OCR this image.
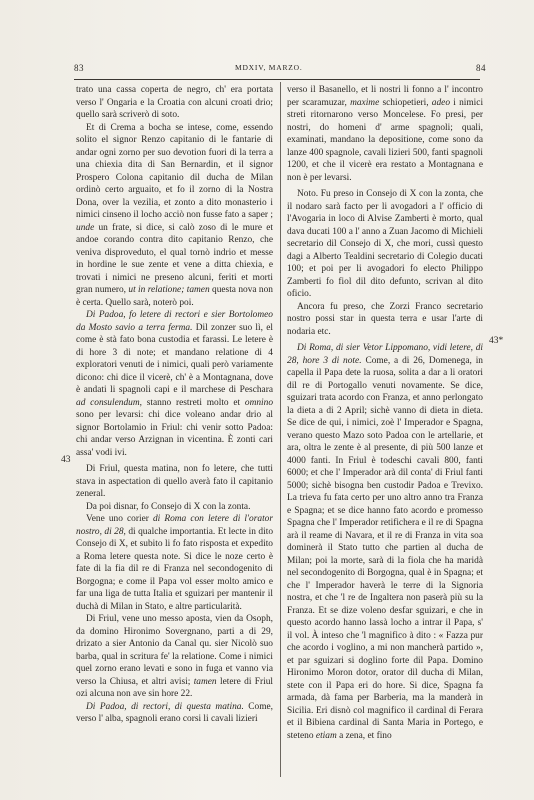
83	MDXIV, MARZO.	84
43
43*

trato una cassa coperta de negro, ch' era portata verso l' Ongaria e la Croatia con alcuni croati drio; quello sarà scriverò di soto.

Et di Crema a bocha se intese, come, essendo solito el signor Renzo capitanio di le fantarie di andar ogni zorno per suo devotion fuori di la terra a una chiexia dita di San Bernardin, et il signor Prospero Colona capitanio dil ducha de Milan ordinò certo arguaito, et fo il zorno di la Nostra Dona, over la vezilia, et zonto a dito monasterio i nimici cinseno il locho acciò non fusse fato a saper ; unde un frate, si dice, si calò zoso di le mure et andoe corando contra dito capitanio Renzo, che veniva disproveduto, el qual tornò indrio et messe in hordine le sue zente et vene a ditta chiexia, e trovati i nimici ne preseno alcuni, feriti et morti gran numero, ut in relatione; tamen questa nova non è certa. Quello sarà, noterò poi.

Di Padoa, fo letere di rectori e sier Bortolomeo da Mosto savio a terra ferma. Dil zonzer suo lì, el come è stà fato bona custodia et farassi. Le letere è di hore 3 di note; et mandano relatione di 4 exploratori venuti de i nimici, quali però variamente dicono: chi dice il vicerè, ch' è a Montagnana, dove è andati li spagnoli capi e il marchese di Peschara ad consulendum, stanno restreti molto et omnino sono per levarsi: chi dice voleano andar drio al signor Bortolamio in Friul: chi venir sotto Padoa: chi andar verso Arzignan in vicentina. È zonti cari assa' vodi ivi.

Di Friul, questa matina, non fo letere, che tutti stava in aspectation di quello averà fato il capitanio zeneral.

Da poi disnar, fo Consejo di X con la zonta.

Vene uno corier di Roma con letere di l'orator nostro, di 28, di qualche importantia. Et lecte in dito Consejo di X, et subito li fo fato risposta et expedito a Roma letere questa note. Si dice le noze certo è fate di la fia dil re di Franza nel secondogenito di Borgogna; e come il Papa vol esser molto amico e far una liga de tutta Italia et sguizari per mantenir il duchà di Milan in Stato, e altre particularità.

Di Friul, vene uno messo aposta, vien da Osoph, da domino Hironimo Sovergnano, parti a di 29, drizato a sier Antonio da Canal qu. sier Nicolò suo barba, qual in scritura fe' la relatione. Come i nimici quel zorno erano levati e sono in fuga et vanno via verso la Chiusa, et altri avisi; tamen letere di Friul ozi alcuna non ave sin hore 22.

Di Padoa, di rectori, di questa matina. Come, verso l' alba, spagnoli erano corsi li cavali lizieri

verso il Basanello, et li nostri li fonno a l' incontro per scaramuzar, maxime schiopetieri, adeo i nimici streti ritornarono verso Moncelese. Fo presi, per nostri, do homeni d' arme spagnoli; quali, examinati, mandano la depositione, come sono da lanze 400 spagnole, cavali lizieri 500, fanti spagnoli 1200, et che il vicerè era restato a Montagnana e non è per levarsi.

Noto. Fu preso in Consejo di X con la zonta, che il nodaro sarà facto per li avogadori a l' officio di l'Avogaria in loco di Alvise Zamberti è morto, qual dava ducati 100 a l' anno a Zuan Jacomo di Michieli secretario dil Consejo di X, che mori, cussì questo dagi a Alberto Tealdini secretario di Colegio ducati 100; et poi per li avogadori fo electo Philippo Zamberti fo fiol dil dito defunto, scrivan al dito oficio.

Ancora fu preso, che Zorzi Franco secretario nostro possi star in questa terra e usar l'arte di nodaria etc.

Di Roma, di sier Vetor Lippomano, vidi letere, di 28, hore 3 di note. Come, a di 26, Domenega, in capella il Papa dete la ruosa, solita a dar a li oratori dil re di Portogallo venuti novamente. Se dice, sguizari trata acordo con Franza, et anno perlongato la dieta a di 2 April; sichè vanno di dieta in dieta. Se dice de qui, i nimici, zoè l' Imperador e Spagna, verano questo Mazo soto Padoa con le artellarie, et ara, oltra le zente è al presente, di più 500 lanze et 4000 fanti. In Friul è todeschi cavali 800, fanti 6000; et che l' Imperador arà dil conta' di Friul fanti 5000; sichè bisogna ben custodir Padoa e Trevixo. La trieva fu fata certo per uno altro anno tra Franza e Spagna; et se dice hanno fato acordo e promesso Spagna che l' Imperador retifichera e il re di Spagna arà il reame di Navara, et il re di Franza in vita soa dominerà il Stato tutto che partien al ducha de Milan; poi la morte, sarà di la fiola che ha maridà nel secondogenito di Borgogna, qual è in Spagna; et che l' Imperador haverà le terre di la Signoria nostra, et che 'l re de Ingaltera non paserà più su la Franza. Et se dize voleno desfar sguizari, e che in questo acordo hanno lassà locho a intrar il Papa, s' il vol. À inteso che 'l magnifico à dito : « Fazza pur che acordo i voglino, a mi non mancherà partido », et par sguizari si doglino forte dil Papa. Domino Hironimo Moron dotor, orator dil ducha di Milan, stete con il Papa eri do hore. Si dice, Spagna fa armada, dà fama per Barberia, ma la manderà in Sicilia. Eri disnò col magnifico il cardinal di Ferara et il Bibiena cardinal di Santa Maria in Portego, e steteno etiam a zena, et fino
